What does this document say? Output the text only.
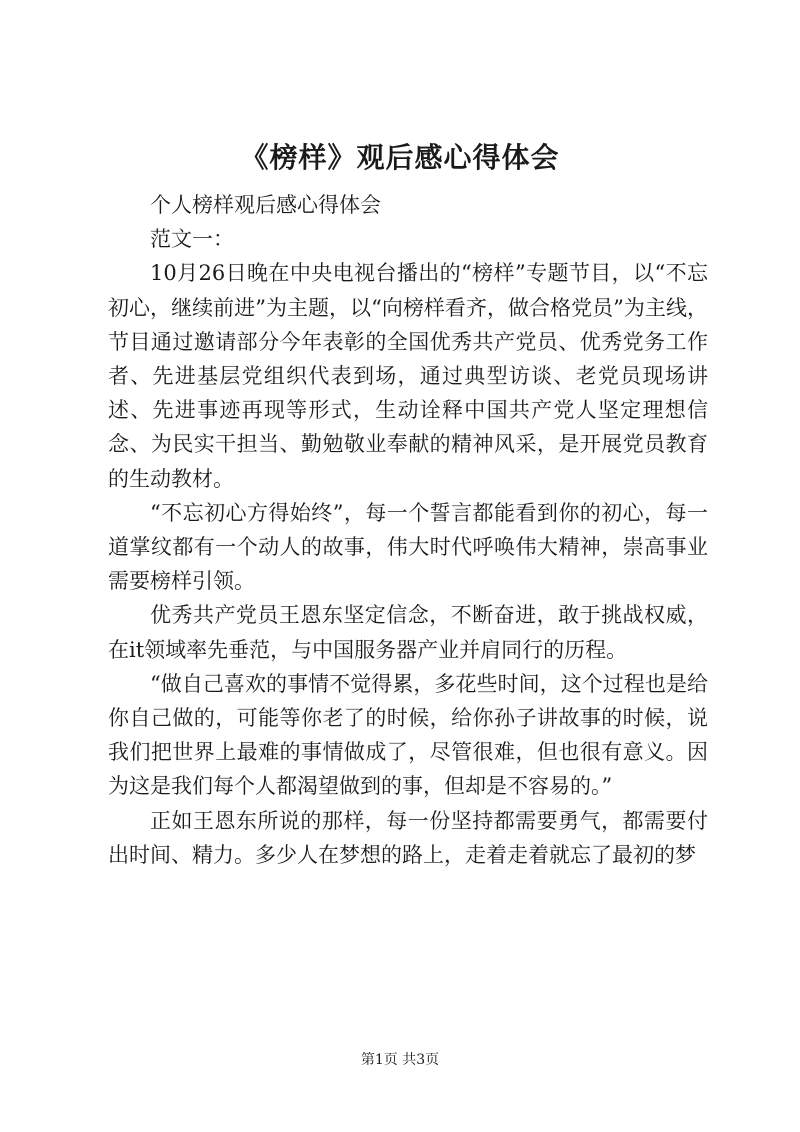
《榜样》观后感心得体会

个人榜样观后感心得体会

范文一：

10月26日晚在中央电视台播出的“榜样”专题节目，以“不忘初心，继续前进”为主题，以“向榜样看齐，做合格党员”为主线，节目通过邀请部分今年表彰的全国优秀共产党员、优秀党务工作者、先进基层党组织代表到场，通过典型访谈、老党员现场讲述、先进事迹再现等形式，生动诠释中国共产党人坚定理想信念、为民实干担当、勤勉敬业奉献的精神风采，是开展党员教育的生动教材。

“不忘初心方得始终”，每一个誓言都能看到你的初心，每一道掌纹都有一个动人的故事，伟大时代呼唤伟大精神，崇高事业需要榜样引领。

优秀共产党员王恩东坚定信念，不断奋进，敢于挑战权威，在it领域率先垂范，与中国服务器产业并肩同行的历程。

“做自己喜欢的事情不觉得累，多花些时间，这个过程也是给你自己做的，可能等你老了的时候，给你孙子讲故事的时候，说我们把世界上最难的事情做成了，尽管很难，但也很有意义。因为这是我们每个人都渴望做到的事，但却是不容易的。”

正如王恩东所说的那样，每一份坚持都需要勇气，都需要付出时间、精力。多少人在梦想的路上，走着走着就忘了最初的梦

第1页 共3页
